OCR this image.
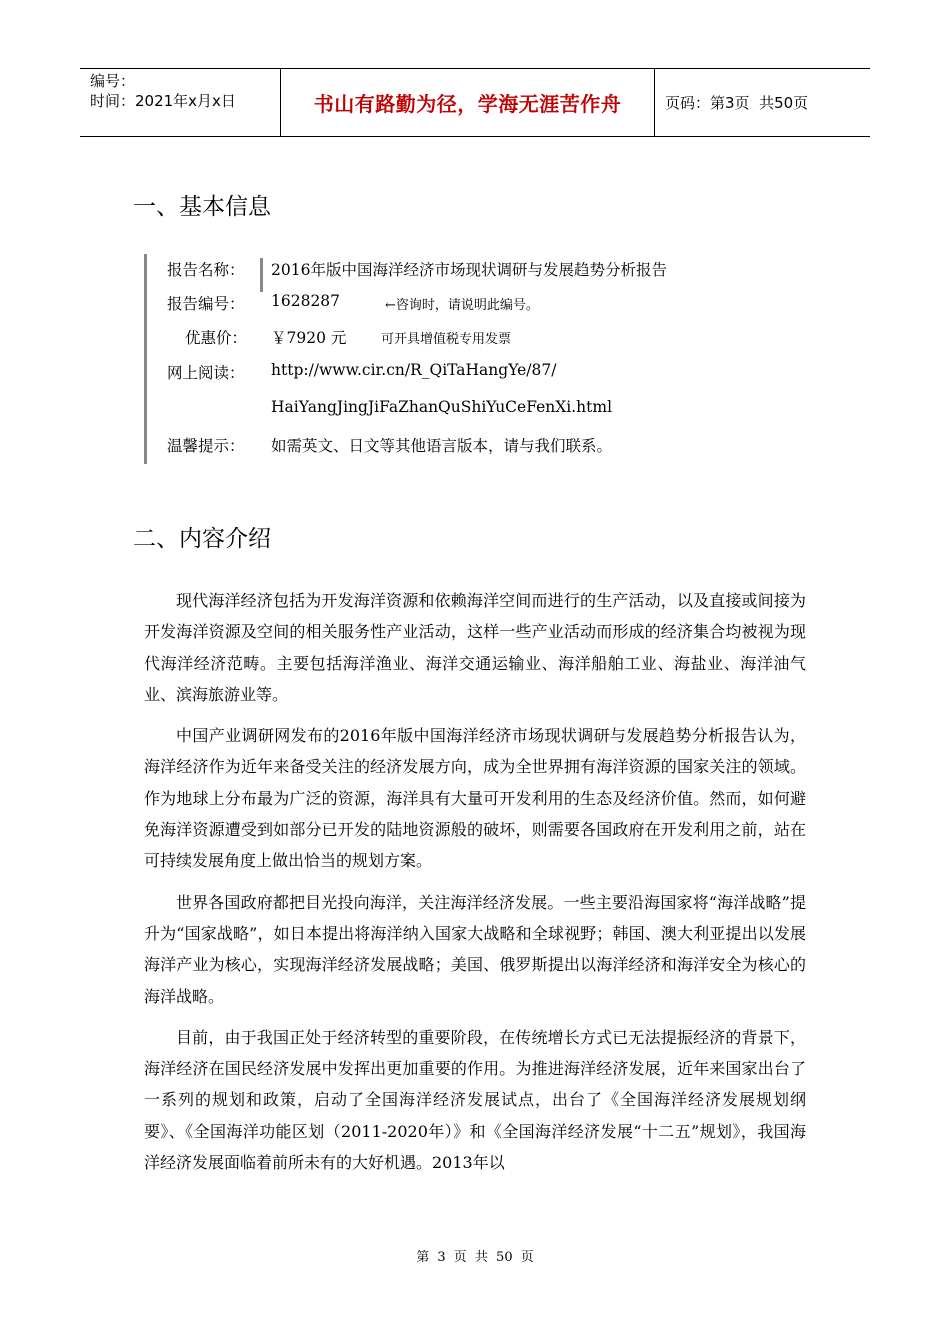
编号：
时间：2021年x月x日	书山有路勤为径，学海无涯苦作舟	页码：第3页  共50页
一、基本信息
报告名称：	2016年版中国海洋经济市场现状调研与发展趋势分析报告
报告编号：	1628287	←咨询时，请说明此编号。
优惠价：	￥7920 元	可开具增值税专用发票
网上阅读：	http://www.cir.cn/R_QiTaHangYe/87/
HaiYangJingJiFaZhanQuShiYuCeFenXi.html
温馨提示：	如需英文、日文等其他语言版本，请与我们联系。
二、内容介绍

现代海洋经济包括为开发海洋资源和依赖海洋空间而进行的生产活动，以及直接或间接为开发海洋资源及空间的相关服务性产业活动，这样一些产业活动而形成的经济集合均被视为现代海洋经济范畴。主要包括海洋渔业、海洋交通运输业、海洋船舶工业、海盐业、海洋油气业、滨海旅游业等。

中国产业调研网发布的2016年版中国海洋经济市场现状调研与发展趋势分析报告认为，海洋经济作为近年来备受关注的经济发展方向，成为全世界拥有海洋资源的国家关注的领域。作为地球上分布最为广泛的资源，海洋具有大量可开发利用的生态及经济价值。然而，如何避免海洋资源遭受到如部分已开发的陆地资源般的破坏，则需要各国政府在开发利用之前，站在可持续发展角度上做出恰当的规划方案。

世界各国政府都把目光投向海洋，关注海洋经济发展。一些主要沿海国家将“海洋战略”提升为“国家战略”，如日本提出将海洋纳入国家大战略和全球视野；韩国、澳大利亚提出以发展海洋产业为核心，实现海洋经济发展战略；美国、俄罗斯提出以海洋经济和海洋安全为核心的海洋战略。

目前，由于我国正处于经济转型的重要阶段，在传统增长方式已无法提振经济的背景下，海洋经济在国民经济发展中发挥出更加重要的作用。为推进海洋经济发展，近年来国家出台了一系列的规划和政策，启动了全国海洋经济发展试点，出台了《全国海洋经济发展规划纲要》、《全国海洋功能区划（2011-2020年）》和《全国海洋经济发展“十二五”规划》，我国海洋经济发展面临着前所未有的大好机遇。2013年以

第 3 页 共 50 页
